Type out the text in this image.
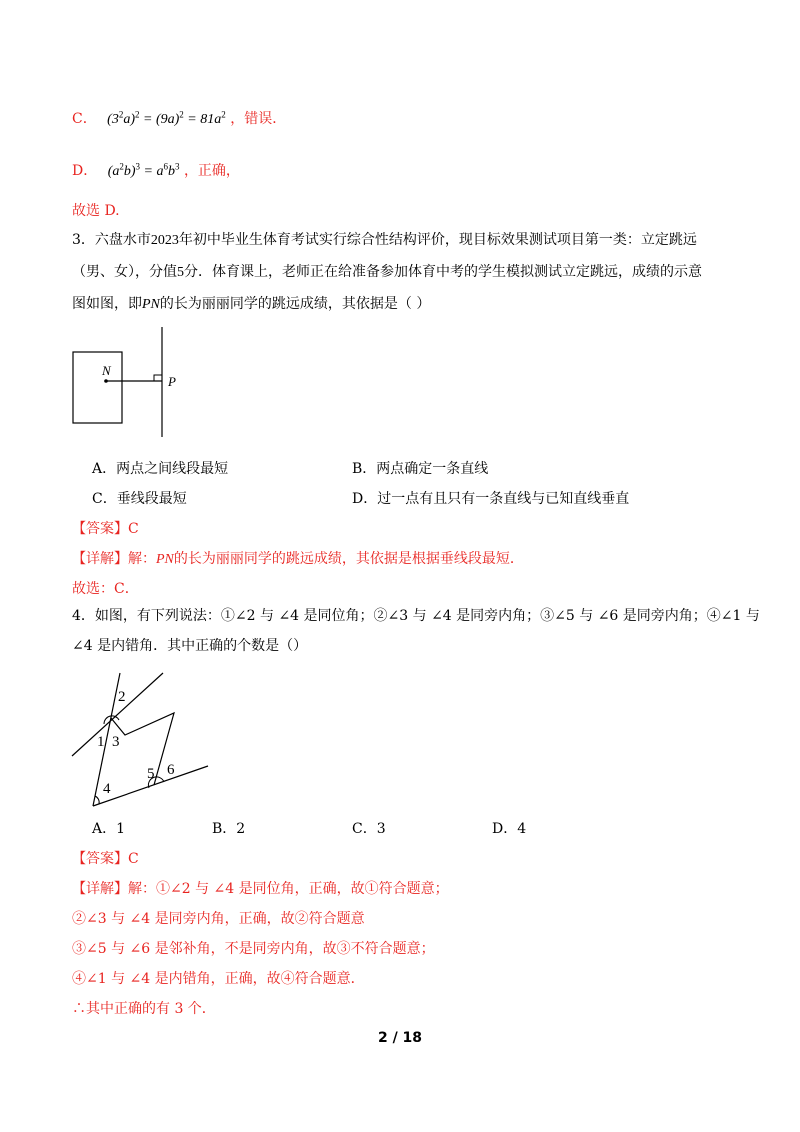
C． $(3^2a)^2 = (9a)^2 = 81a^2$ ，错误．
D． $(a^2b)^3 = a^6b^3$ ，正确，
故选 D.
3．六盘水市2023年初中毕业生体育考试实行综合性结构评价，现目标效果测试项目第一类：立定跳远
（男、女），分值5分．体育课上，老师正在给准备参加体育中考的学生模拟测试立定跳远，成绩的示意
图如图，即PN的长为丽丽同学的跳远成绩，其依据是（ ）
N
P
A．两点之间线段最短	B．两点确定一条直线
C．垂线段最短	D．过一点有且只有一条直线与已知直线垂直
【答案】C
【详解】解：PN的长为丽丽同学的跳远成绩，其依据是根据垂线段最短．
故选：C．
4．如图，有下列说法：①∠2 与 ∠4 是同位角；②∠3 与 ∠4 是同旁内角；③∠5 与 ∠6 是同旁内角；④∠1 与
∠4 是内错角．其中正确的个数是（）
2
1 3
4
5 6
A．1	B．2	C．3	D．4
【答案】C
【详解】解：①∠2 与 ∠4 是同位角，正确，故①符合题意；
②∠3 与 ∠4 是同旁内角，正确，故②符合题意
③∠5 与 ∠6 是邻补角，不是同旁内角，故③不符合题意；
④∠1 与 ∠4 是内错角，正确，故④符合题意．
∴其中正确的有 3 个．
2 / 18
